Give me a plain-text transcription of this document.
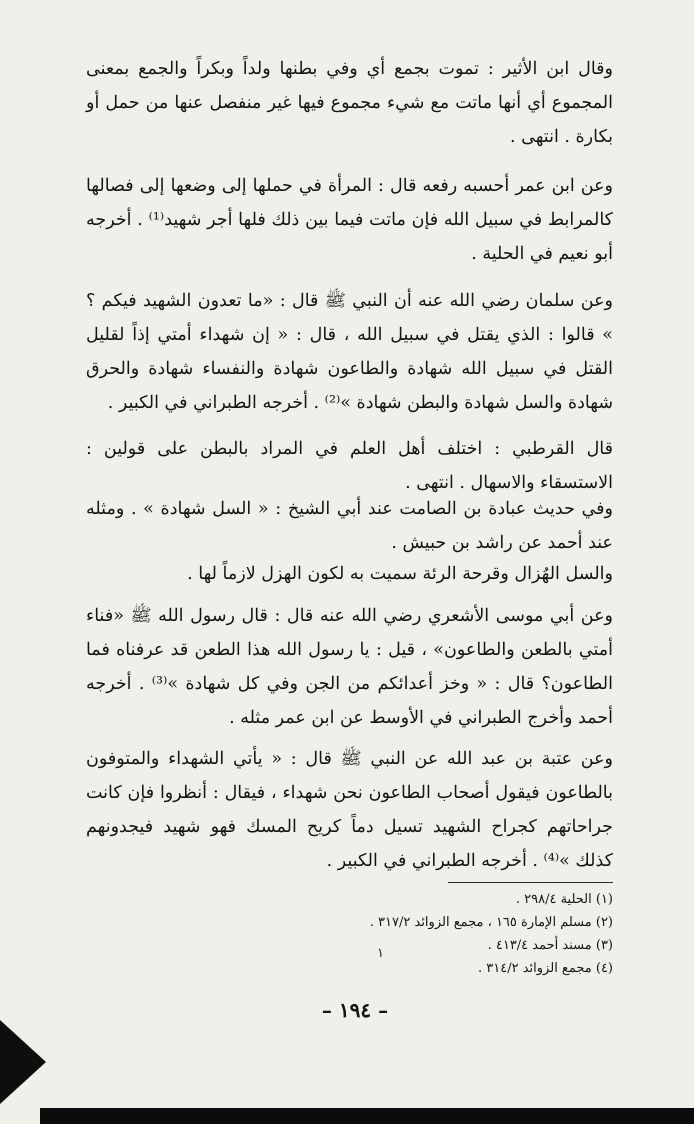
وقال ابن الأثير : تموت بجمع أي وفي بطنها ولداً وبكراً والجمع بمعنى المجموع أي أنها ماتت مع شيء مجموع فيها غير منفصل عنها من حمل أو بكارة . انتهى .

وعن ابن عمر أحسبه رفعه قال : المرأة في حملها إلى وضعها إلى فصالها كالمرابط في سبيل الله فإن ماتت فيما بين ذلك فلها أجر شهيد⁽¹⁾ . أخرجه أبو نعيم في الحلية .

وعن سلمان رضي الله عنه أن النبي ﷺ قال : «ما تعدون الشهيد فيكم ؟ » قالوا : الذي يقتل في سبيل الله ، قال : « إن شهداء أمتي إذاً لقليل القتل في سبيل الله شهادة والطاعون شهادة والنفساء شهادة والحرق شهادة والسل شهادة والبطن شهادة »⁽²⁾ . أخرجه الطبراني في الكبير .

قال القرطبي : اختلف أهل العلم في المراد بالبطن على قولين : الاستسقاء والاسهال . انتهى .

وفي حديث عبادة بن الصامت عند أبي الشيخ : « السل شهادة » . ومثله عند أحمد عن راشد بن حبيش .

والسل الهُزال وقرحة الرئة سميت به لكون الهزل لازماً لها .

وعن أبي موسى الأشعري رضي الله عنه قال : قال رسول الله ﷺ «فناء أمتي بالطعن والطاعون» ، قيل : يا رسول الله هذا الطعن قد عرفناه فما الطاعون؟ قال : « وخز أعدائكم من الجن وفي كل شهادة »⁽³⁾ . أخرجه أحمد وأخرج الطبراني في الأوسط عن ابن عمر مثله .

وعن عتبة بن عبد الله عن النبي ﷺ قال : « يأتي الشهداء والمتوفون بالطاعون فيقول أصحاب الطاعون نحن شهداء ، فيقال : أنظروا فإن كانت جراحاتهم كجراح الشهيد تسيل دماً كريح المسك فهو شهيد فيجدونهم كذلك »⁽⁴⁾ . أخرجه الطبراني في الكبير .

(١) الحلية ٢٩٨/٤ .

(٢) مسلم الإمارة ١٦٥ ، مجمع الزوائد ٣١٧/٢ .

(٣) مسند أحمد ٤١٣/٤ .

(٤) مجمع الزوائد ٣١٤/٢ .

١
– ١٩٤ –
